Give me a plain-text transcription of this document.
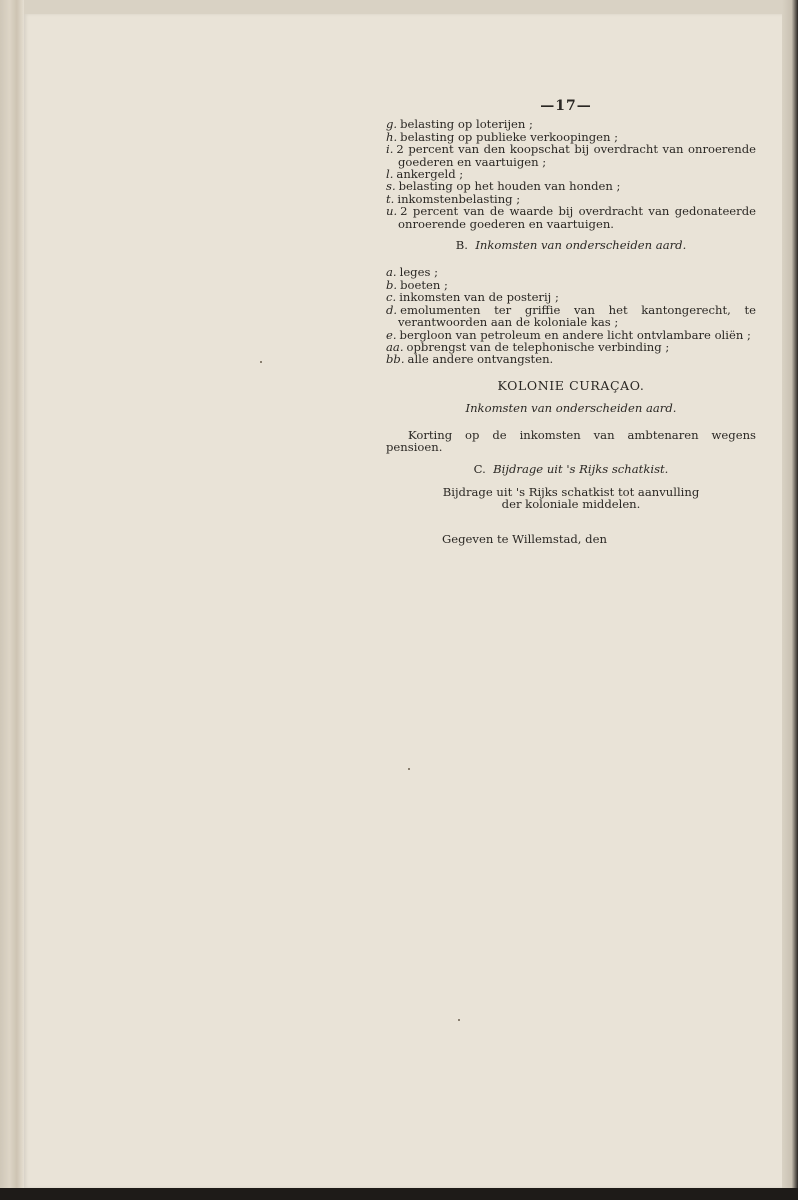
—17—

g. belasting op loterijen ;

h. belasting op publieke verkoopingen ;

i. 2 percent van den koopschat bij overdracht van onroerende goederen en vaartuigen ;

l. ankergeld ;

s. belasting op het houden van honden ;

t. inkomstenbelasting ;

u. 2 percent van de waarde bij overdracht van gedonateerde onroerende goederen en vaartuigen.

B. Inkomsten van onderscheiden aard.

a. leges ;

b. boeten ;

c. inkomsten van de posterij ;

d. emolumenten ter griffie van het kantongerecht, te verantwoorden aan de koloniale kas ;

e. bergloon van petroleum en andere licht ontvlambare oliën ;

aa. opbrengst van de telephonische verbinding ;

bb. alle andere ontvangsten.

KOLONIE CURAÇAO.
Inkomsten van onderscheiden aard.

Korting op de inkomsten van ambtenaren wegens pensioen.

C. Bijdrage uit 's Rijks schatkist.

Bijdrage uit 's Rijks schatkist tot aanvulling

der koloniale middelen.

Gegeven te Willemstad, den
